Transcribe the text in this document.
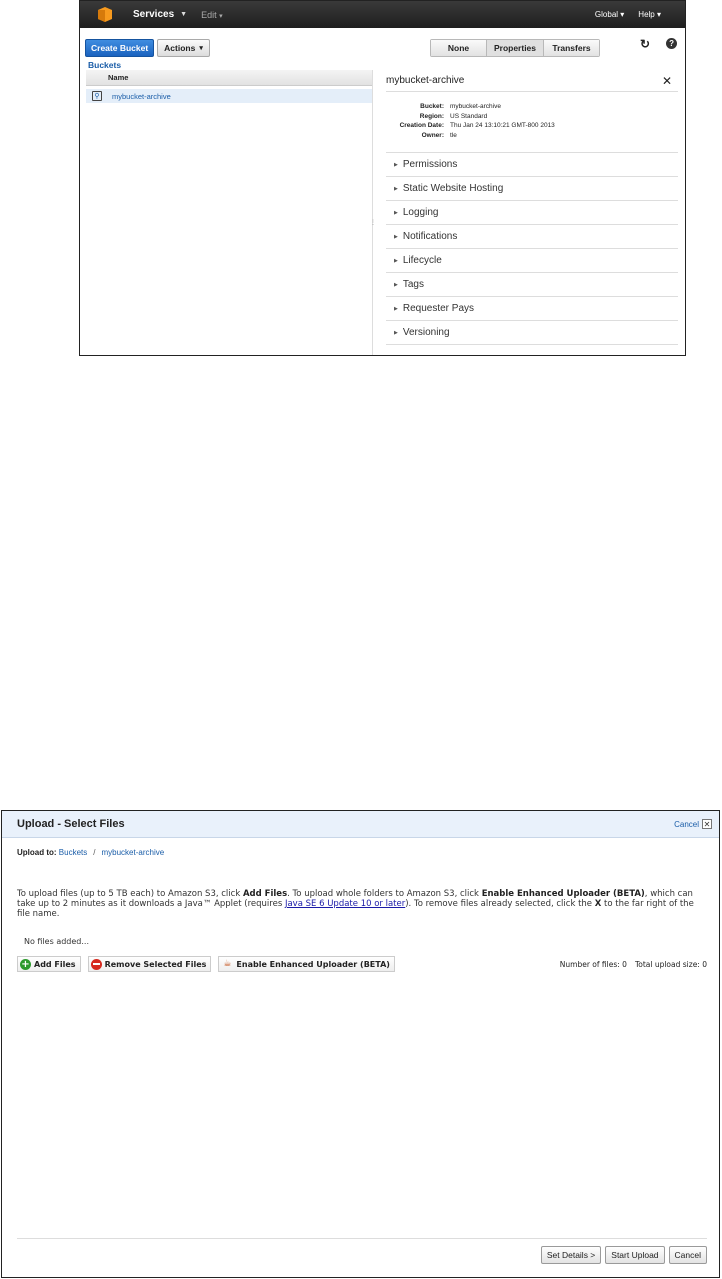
Services ▼ Edit ▾	Global ▾ Help ▾
Create Bucket	Actions ▾	None	Properties	Transfers	↻	?
Buckets
Name
⚲	mybucket-archive
⋮
mybucket-archive	✕
Bucket: mybucket-archive
Region: US Standard
Creation Date: Thu Jan 24 13:10:21 GMT-800 2013
Owner: tle
▶ Permissions
▶ Static Website Hosting
▶ Logging
▶ Notifications
▶ Lifecycle
▶ Tags
▶ Requester Pays
▶ Versioning
Upload - Select Files	Cancel ✕
Upload to: Buckets / mybucket-archive

To upload files (up to 5 TB each) to Amazon S3, click Add Files. To upload whole folders to Amazon S3, click Enable Enhanced Uploader (BETA), which can take up to 2 minutes as it downloads a Java™ Applet (requires Java SE 6 Update 10 or later). To remove files already selected, click the X to the far right of the file name.

No files added...
+ Add Files	Remove Selected Files ☕ Enable Enhanced Uploader (BETA)	Number of files: 0 Total upload size: 0
Set Details >	Start Upload	Cancel
